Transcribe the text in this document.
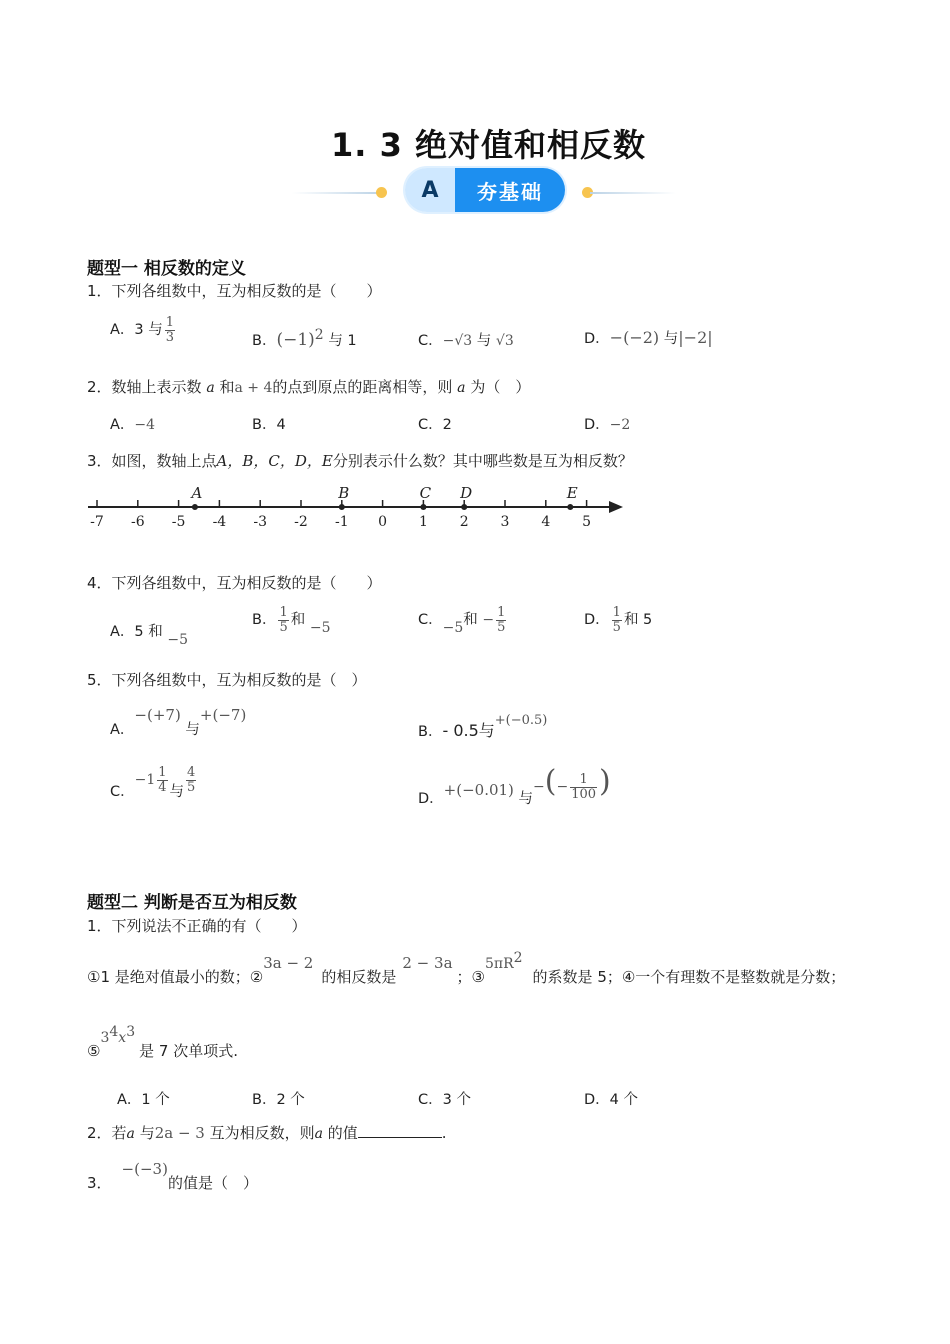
1. 3 绝对值和相反数
A	夯基础
题型一 相反数的定义
1．下列各组数中，互为相反数的是（　　）
A．3 与 $\frac{1}{3}$	B．$(-1)^2$ 与 1	C．−√3 与 √3	D．−(−2) 与|−2|
2．数轴上表示数 a 和a + 4的点到原点的距离相等，则 a 为（　）
A．−4	B．4	C．2	D．−2
3．如图，数轴上点A，B，C，D，E分别表示什么数？其中哪些数是互为相反数？
-7 -6 -5 -4 -3 -2 -1 0 1 2 3 4 5
A	B	C D	E
4．下列各组数中，互为相反数的是（　　）
A．5 和 −5
B． $\frac{1}{5}$ 和 −5	C．−5和 − $\frac{1}{5}$	D． $\frac{1}{5}$ 和 5
5．下列各组数中，互为相反数的是（　）
A．−(+7) 与+(−7)
B．- 0.5与+(−0.5)
C．$-1 \frac{1}{4}$ 与 $\frac{4}{5}$
D．+(−0.01) 与−(− $\frac{1}{100}$ )
题型二 判断是否互为相反数
1．下列说法不正确的有（　　）
①1 是绝对值最小的数；②3a − 2的相反数是2 − 3a；$③5\pi R^2$的系数是 5；④一个有理数不是整数就是分数；
$⑤3^4x^3$是 7 次单项式.
A．1 个	B．2 个	C．3 个	D．4 个
2．若a 与2a − 3 互为相反数，则a 的值	.
3．−(−3)的值是（　）
